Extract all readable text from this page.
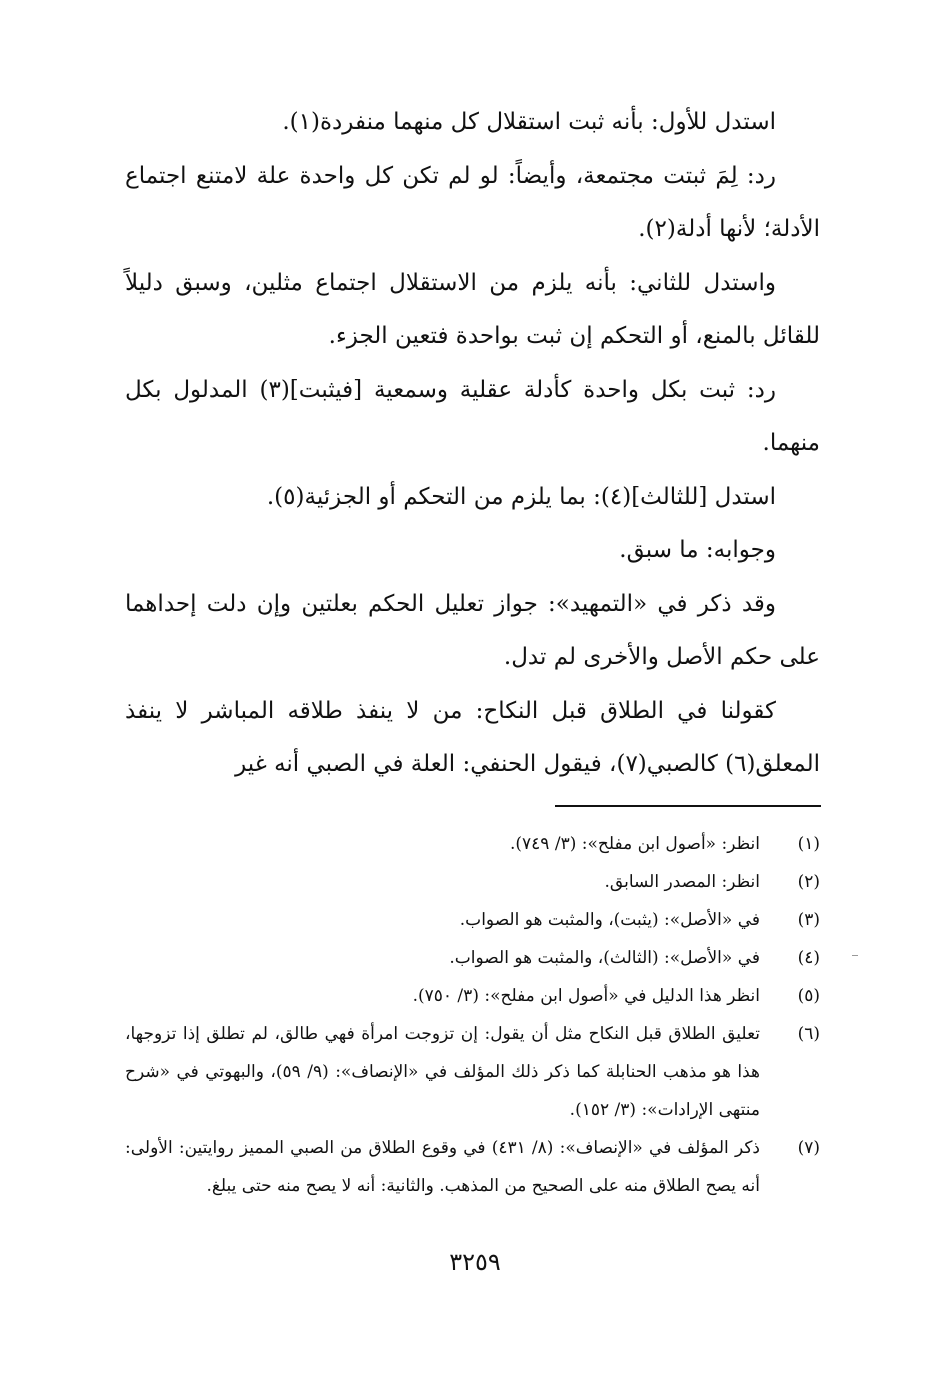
استدل للأول: بأنه ثبت استقلال كل منهما منفردة(١).

رد: لِمَ ثبتت مجتمعة، وأيضاً: لو لم تكن كل واحدة علة لامتنع اجتماع الأدلة؛ لأنها أدلة(٢).

واستدل للثاني: بأنه يلزم من الاستقلال اجتماع مثلين، وسبق دليلاً للقائل بالمنع، أو التحكم إن ثبت بواحدة فتعين الجزء.

رد: ثبت بكل واحدة كأدلة عقلية وسمعية [فيثبت](٣) المدلول بكل منهما.

استدل [للثالث](٤): بما يلزم من التحكم أو الجزئية(٥).

وجوابه: ما سبق.

وقد ذكر في «التمهيد»: جواز تعليل الحكم بعلتين وإن دلت إحداهما على حكم الأصل والأخرى لم تدل.

كقولنا في الطلاق قبل النكاح: من لا ينفذ طلاقه المباشر لا ينفذ المعلق(٦) كالصبي(٧)، فيقول الحنفي: العلة في الصبي أنه غير

(١)
انظر: «أصول ابن مفلح»: (٣/ ٧٤٩).
(٢)
انظر: المصدر السابق.
(٣)
في «الأصل»: (يثبت)، والمثبت هو الصواب.
(٤)
في «الأصل»: (الثالث)، والمثبت هو الصواب.
(٥)
انظر هذا الدليل في «أصول ابن مفلح»: (٣/ ٧٥٠).
(٦)
تعليق الطلاق قبل النكاح مثل أن يقول: إن تزوجت امرأة فهي طالق، لم تطلق إذا تزوجها، هذا هو مذهب الحنابلة كما ذكر ذلك المؤلف في «الإنصاف»: (٩/ ٥٩)، والبهوتي في «شرح منتهى الإرادات»: (٣/ ١٥٢).
(٧)
ذكر المؤلف في «الإنصاف»: (٨/ ٤٣١) في وقوع الطلاق من الصبي المميز روايتين: الأولى: أنه يصح الطلاق منه على الصحيح من المذهب. والثانية: أنه لا يصح منه حتى يبلغ.
٣٢٥٩
